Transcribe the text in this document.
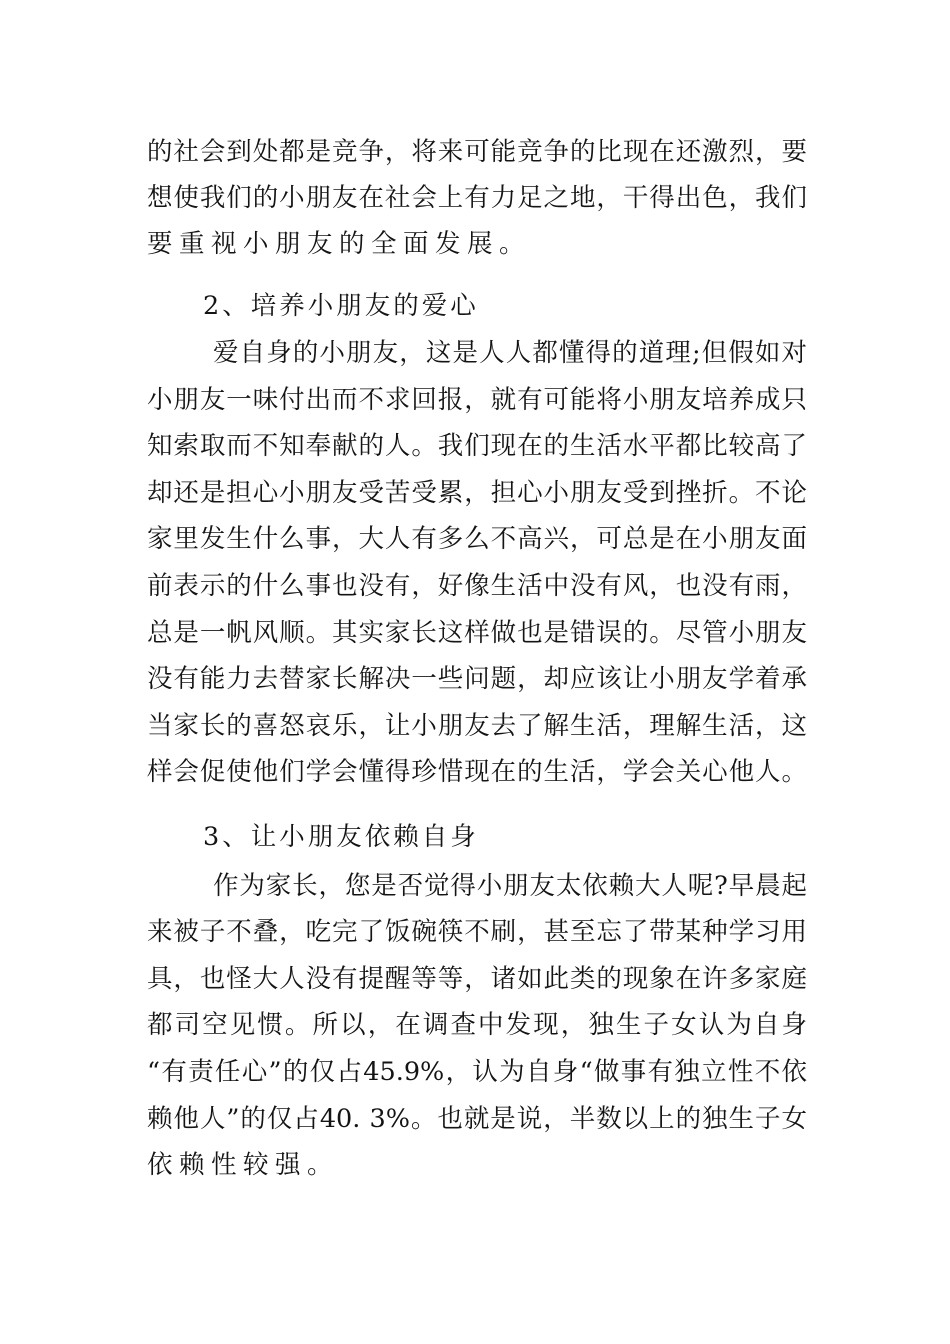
的社会到处都是竞争，将来可能竞争的比现在还激烈，要
想使我们的小朋友在社会上有力足之地，干得出色，我们
要重视小朋友的全面发展。
2、培养小朋友的爱心
爱自身的小朋友，这是人人都懂得的道理;但假如对
小朋友一味付出而不求回报，就有可能将小朋友培养成只
知索取而不知奉献的人。我们现在的生活水平都比较高了
却还是担心小朋友受苦受累，担心小朋友受到挫折。不论
家里发生什么事，大人有多么不高兴，可总是在小朋友面
前表示的什么事也没有，好像生活中没有风，也没有雨，
总是一帆风顺。其实家长这样做也是错误的。尽管小朋友
没有能力去替家长解决一些问题，却应该让小朋友学着承
当家长的喜怒哀乐，让小朋友去了解生活，理解生活，这
样会促使他们学会懂得珍惜现在的生活，学会关心他人。
3、让小朋友依赖自身
作为家长，您是否觉得小朋友太依赖大人呢?早晨起
来被子不叠，吃完了饭碗筷不刷，甚至忘了带某种学习用
具，也怪大人没有提醒等等，诸如此类的现象在许多家庭
都司空见惯。所以，在调查中发现，独生子女认为自身
“有责任心”的仅占45.9%，认为自身“做事有独立性不依
赖他人”的仅占40. 3%。也就是说，半数以上的独生子女
依赖性较强。
